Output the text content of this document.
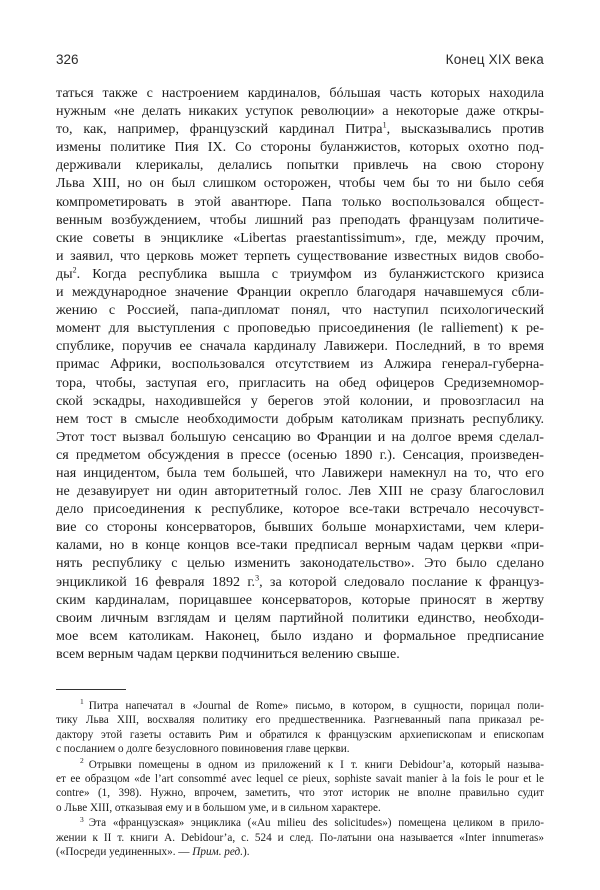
326	Конец XIX века
таться также с настроением кардиналов, бóльшая часть которых находила
нужным «не делать никаких уступок революции» а некоторые даже откры-
то, как, например, французский кардинал Питра$^1$, высказывались против
измены политике Пия IX. Со стороны буланжистов, которых охотно под-
держивали клерикалы, делались попытки привлечь на свою сторону
Льва XIII, но он был слишком осторожен, чтобы чем бы то ни было себя
компрометировать в этой авантюре. Папа только воспользовался общест-
венным возбуждением, чтобы лишний раз преподать французам политиче-
ские советы в энциклике «Libertas praestantissimum», где, между прочим,
и заявил, что церковь может терпеть существование известных видов свобо-
$ды^2$. Когда республика вышла с триумфом из буланжистского кризиса
и международное значение Франции окрепло благодаря начавшемуся сбли-
жению с Россией, папа-дипломат понял, что наступил психологический
момент для выступления с проповедью присоединения (le ralliement) к ре-
спублике, поручив ее сначала кардиналу Лавижери. Последний, в то время
примас Африки, воспользовался отсутствием из Алжира генерал-губерна-
тора, чтобы, заступая его, пригласить на обед офицеров Средиземномор-
ской эскадры, находившейся у берегов этой колонии, и провозгласил на
нем тост в смысле необходимости добрым католикам признать республику.
Этот тост вызвал большую сенсацию во Франции и на долгое время сделал-
ся предметом обсуждения в прессе (осенью 1890 г.). Сенсация, произведен-
ная инцидентом, была тем большей, что Лавижери намекнул на то, что его
не дезавуирует ни один авторитетный голос. Лев XIII не сразу благословил
дело присоединения к республике, которое все-таки встречало несочувст-
вие со стороны консерваторов, бывших больше монархистами, чем клери-
калами, но в конце концов все-таки предписал верным чадам церкви «при-
нять республику с целью изменить законодательство». Это было сделано
энцикликой 16 февраля 1892 г.$^3$, за которой следовало послание к француз-
ским кардиналам, порицавшее консерваторов, которые приносят в жертву
своим личным взглядам и целям партийной политики единство, необходи-
мое всем католикам. Наконец, было издано и формальное предписание
всем верным чадам церкви подчиниться велению свыше.
$^1$ Питра напечатал в «Journal de Rome» письмо, в котором, в сущности, порицал поли-
тику Льва XIII, восхваляя политику его предшественника. Разгневанный папа приказал ре-
дактору этой газеты оставить Рим и обратился к французским архиепископам и епископам
с посланием о долге безусловного повиновения главе церкви.
$^2$ Отрывки помещены в одном из приложений к I т. книги Debidour’a, который называ-
ет ее образцом «de l’art consommé avec lequel ce pieux, sophiste savait manier à la fois le pour et le
contre» (1, 398). Нужно, впрочем, заметить, что этот историк не вполне правильно судит
о Льве XIII, отказывая ему и в большом уме, и в сильном характере.
$^3$ Эта «французская» энциклика («Au milieu des solicitudes») помещена целиком в прило-
жении к II т. книги A. Debidour’a, с. 524 и след. По-латыни она называется «Inter innumeras»
(«Посреди уединенных». — Прим. ред.).
